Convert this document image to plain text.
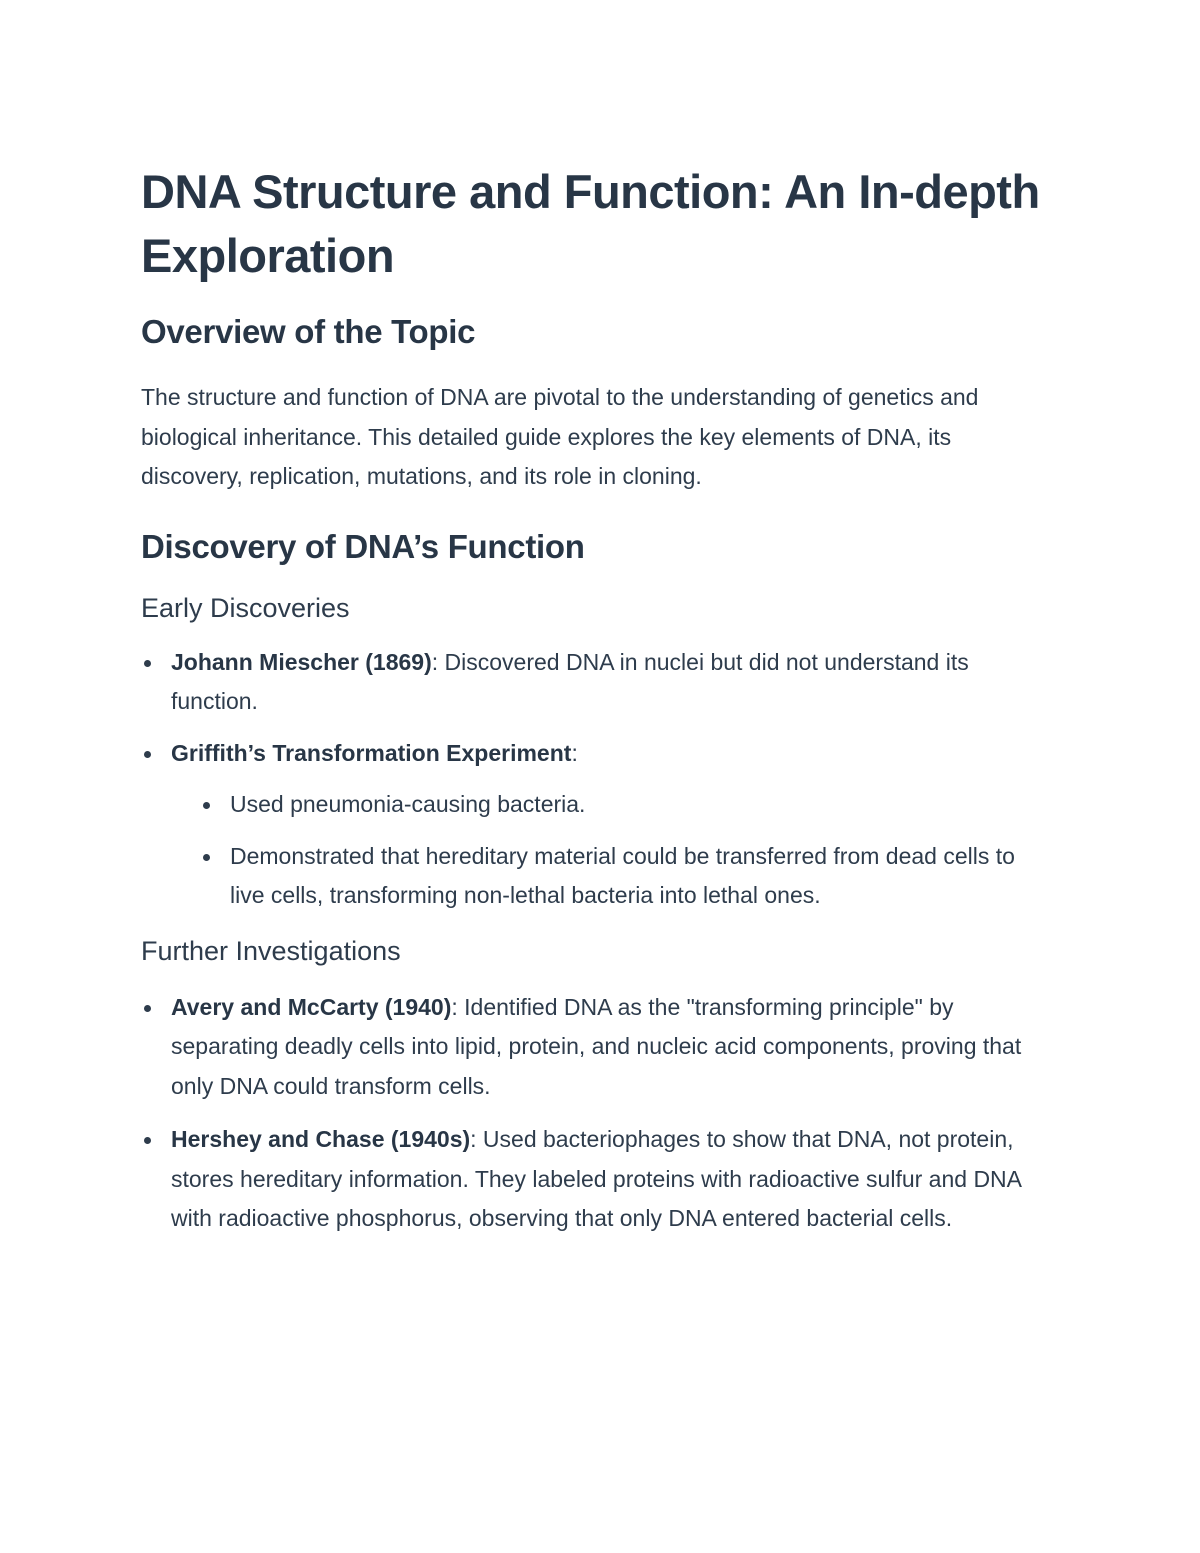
DNA Structure and Function: An In-depth Exploration
Overview of the Topic

The structure and function of DNA are pivotal to the understanding of genetics and biological inheritance. This detailed guide explores the key elements of DNA, its discovery, replication, mutations, and its role in cloning.

Discovery of DNA’s Function
Early Discoveries
Johann Miescher (1869): Discovered DNA in nuclei but did not understand its function.
Griffith’s Transformation Experiment:
Used pneumonia-causing bacteria.
Demonstrated that hereditary material could be transferred from dead cells to live cells, transforming non-lethal bacteria into lethal ones.
Further Investigations
Avery and McCarty (1940): Identified DNA as the "transforming principle" by separating deadly cells into lipid, protein, and nucleic acid components, proving that only DNA could transform cells.
Hershey and Chase (1940s): Used bacteriophages to show that DNA, not protein, stores hereditary information. They labeled proteins with radioactive sulfur and DNA with radioactive phosphorus, observing that only DNA entered bacterial cells.
